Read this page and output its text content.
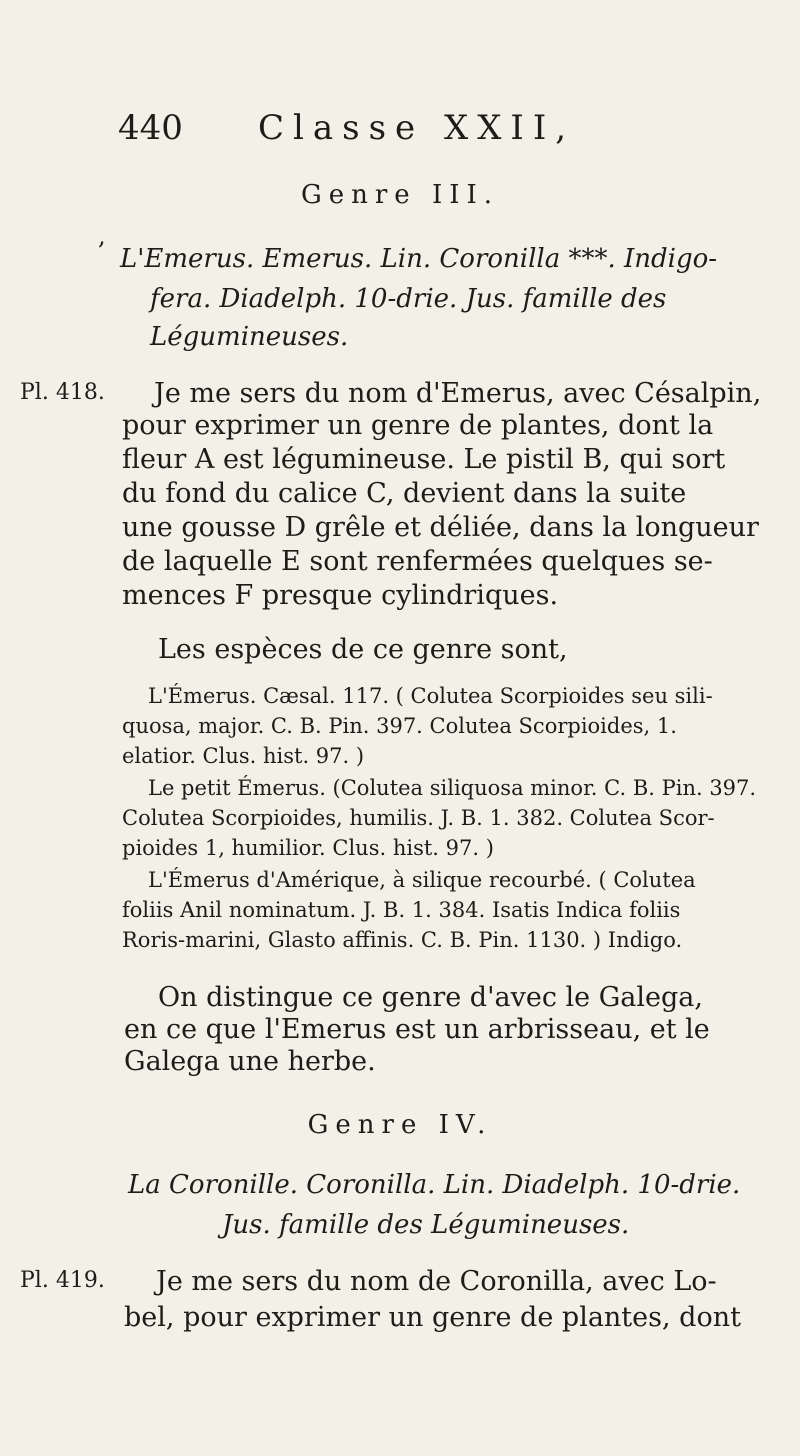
440 Classe XXII,
,
Genre III.
L'Emerus. Emerus. Lin. Coronilla ***. Indigo-
fera. Diadelph. 10-drie. Jus. famille des
Légumineuses.
Pl. 418. Je me sers du nom d'Emerus, avec Césalpin,
pour exprimer un genre de plantes, dont la
fleur A est légumineuse. Le pistil B, qui sort
du fond du calice C, devient dans la suite
une gousse D grêle et déliée, dans la longueur
de laquelle E sont renfermées quelques se-
mences F presque cylindriques.
Les espèces de ce genre sont,
L'Émerus. Cæsal. 117. ( Colutea Scorpioides seu sili-
quosa, major. C. B. Pin. 397. Colutea Scorpioides, 1.
elatior. Clus. hist. 97. )
Le petit Émerus. (Colutea siliquosa minor. C. B. Pin. 397.
Colutea Scorpioides, humilis. J. B. 1. 382. Colutea Scor-
pioides 1, humilior. Clus. hist. 97. )
L'Émerus d'Amérique, à silique recourbé. ( Colutea
foliis Anil nominatum. J. B. 1. 384. Isatis Indica foliis
Roris-marini, Glasto affinis. C. B. Pin. 1130. ) Indigo.
On distingue ce genre d'avec le Galega,
en ce que l'Emerus est un arbrisseau, et le
Galega une herbe.
Genre IV.
La Coronille. Coronilla. Lin. Diadelph. 10-drie.
Jus. famille des Légumineuses.
Pl. 419. Je me sers du nom de Coronilla, avec Lo-
bel, pour exprimer un genre de plantes, dont
